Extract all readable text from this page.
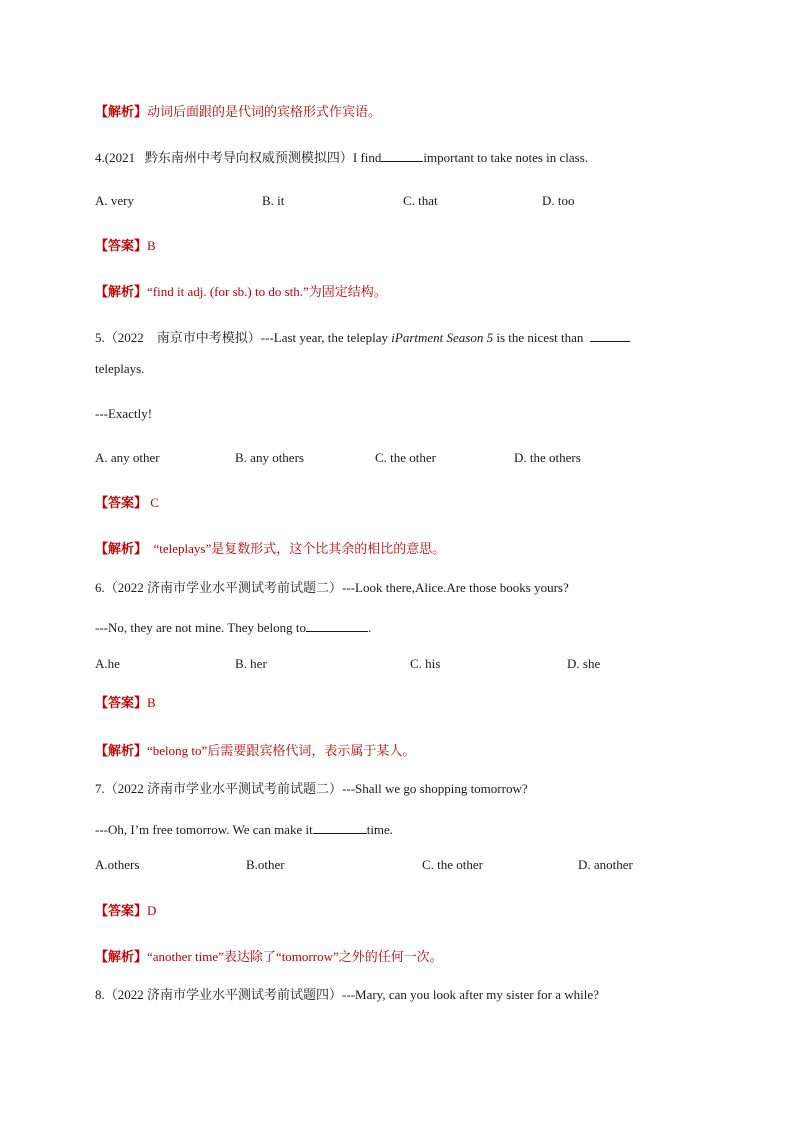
【解析】动词后面跟的是代词的宾格形式作宾语。
4.(2021 黔东南州中考导向权威预测模拟四）I find	important to take notes in class.
A. very	B. it	C. that	D. too
【答案】B
【解析】“find it adj. (for sb.) to do sth.”为固定结构。
5.（2022 南京市中考模拟）---Last year, the teleplay iPartment Season 5 is the nicest than
teleplays.
---Exactly!
A. any other	B. any others	C. the other	D. the others
【答案】 C
【解析】 “teleplays”是复数形式，这个比其余的相比的意思。
6.（2022 济南市学业水平测试考前试题二）---Look there,Alice.Are those books yours?
---No, they are not mine. They belong to	.
A.he	B. her	C. his	D. she
【答案】B
【解析】“belong to”后需要跟宾格代词，表示属于某人。
7.（2022 济南市学业水平测试考前试题二）---Shall we go shopping tomorrow?
---Oh, I’m free tomorrow. We can make it	time.
A.others	B.other	C. the other	D. another
【答案】D
【解析】“another time”表达除了“tomorrow”之外的任何一次。
8.（2022 济南市学业水平测试考前试题四）---Mary, can you look after my sister for a while?
